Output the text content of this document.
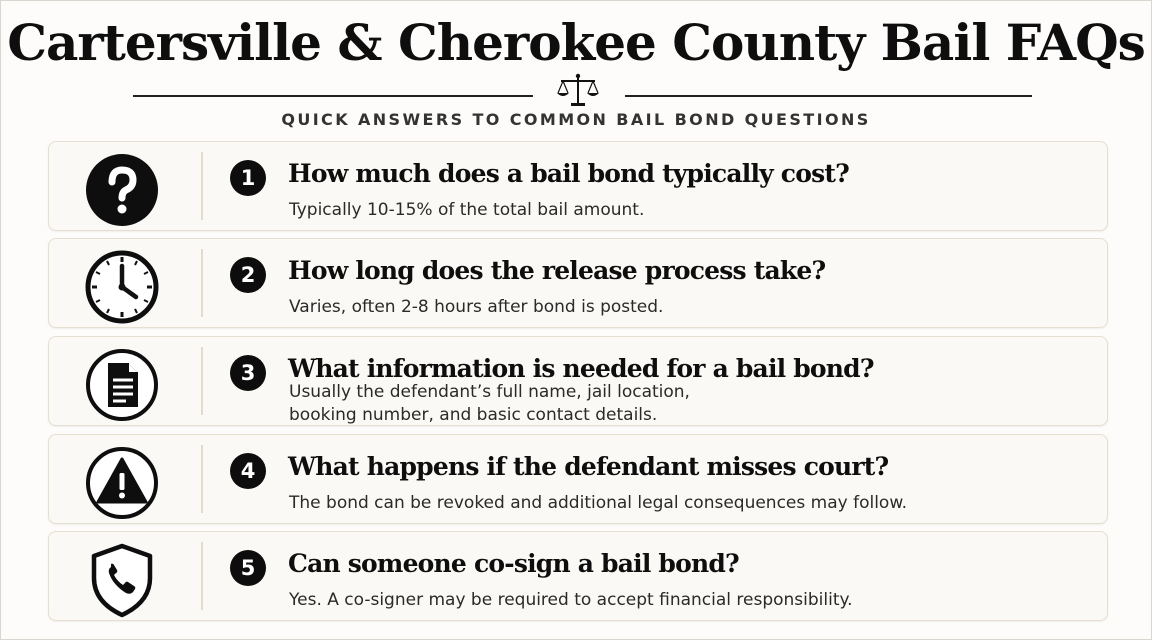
Cartersville & Cherokee County Bail FAQs
QUICK ANSWERS TO COMMON BAIL BOND QUESTIONS
1	How much does a bail bond typically cost?
Typically 10-15% of the total bail amount.
2	How long does the release process take?
Varies, often 2-8 hours after bond is posted.
3	What information is needed for a bail bond?
Usually the defendant’s full name, jail location,
booking number, and basic contact details.
4	What happens if the defendant misses court?
The bond can be revoked and additional legal consequences may follow.
5	Can someone co-sign a bail bond?
Yes. A co-signer may be required to accept financial responsibility.
